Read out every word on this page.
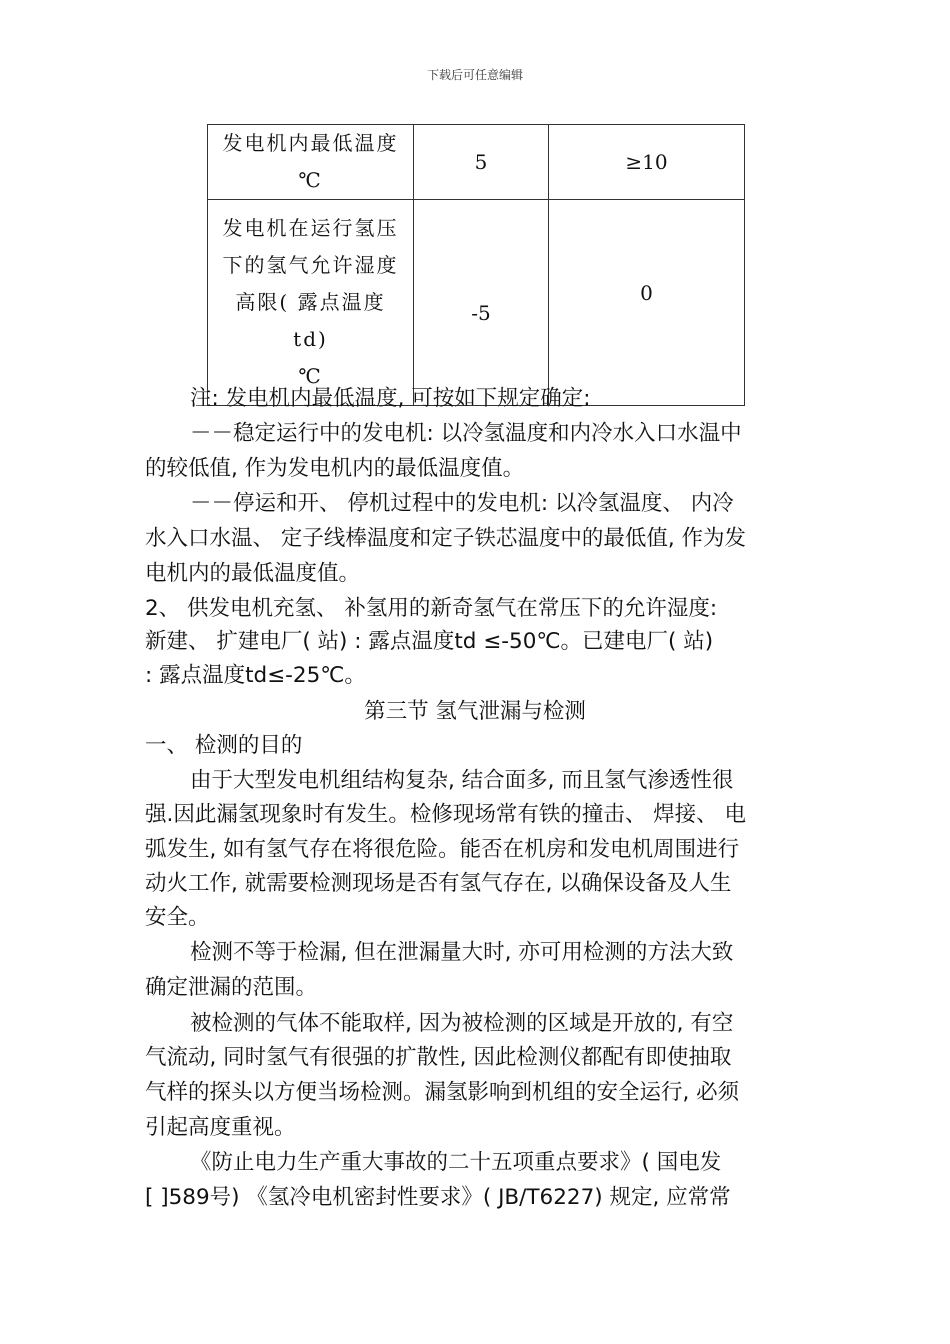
下载后可任意编辑
发电机内最低温度
℃	5	≥10

发电机在运行氢压
下的氢气允许湿度
高限( 露点温度
td)
℃	-5	0
注: 发电机内最低温度, 可按如下规定确定:
－－稳定运行中的发电机: 以冷氢温度和内冷水入口水温中
的较低值, 作为发电机内的最低温度值。
－－停运和开、 停机过程中的发电机: 以冷氢温度、 内冷
水入口水温、 定子线棒温度和定子铁芯温度中的最低值, 作为发
电机内的最低温度值。
2、 供发电机充氢、 补氢用的新奇氢气在常压下的允许湿度:
新建、 扩建电厂( 站) : 露点温度td ≤-50℃。已建电厂( 站)
: 露点温度td≤-25℃。
第三节 氢气泄漏与检测
一、 检测的目的
由于大型发电机组结构复杂, 结合面多, 而且氢气渗透性很
强.因此漏氢现象时有发生。检修现场常有铁的撞击、 焊接、 电
弧发生, 如有氢气存在将很危险。能否在机房和发电机周围进行
动火工作, 就需要检测现场是否有氢气存在, 以确保设备及人生
安全。
检测不等于检漏, 但在泄漏量大时, 亦可用检测的方法大致
确定泄漏的范围。
被检测的气体不能取样, 因为被检测的区域是开放的, 有空
气流动, 同时氢气有很强的扩散性, 因此检测仪都配有即使抽取
气样的探头以方便当场检测。漏氢影响到机组的安全运行, 必须
引起高度重视。
《防止电力生产重大事故的二十五项重点要求》( 国电发
[ ]589号) 《氢冷电机密封性要求》( JB/T6227) 规定, 应常常
